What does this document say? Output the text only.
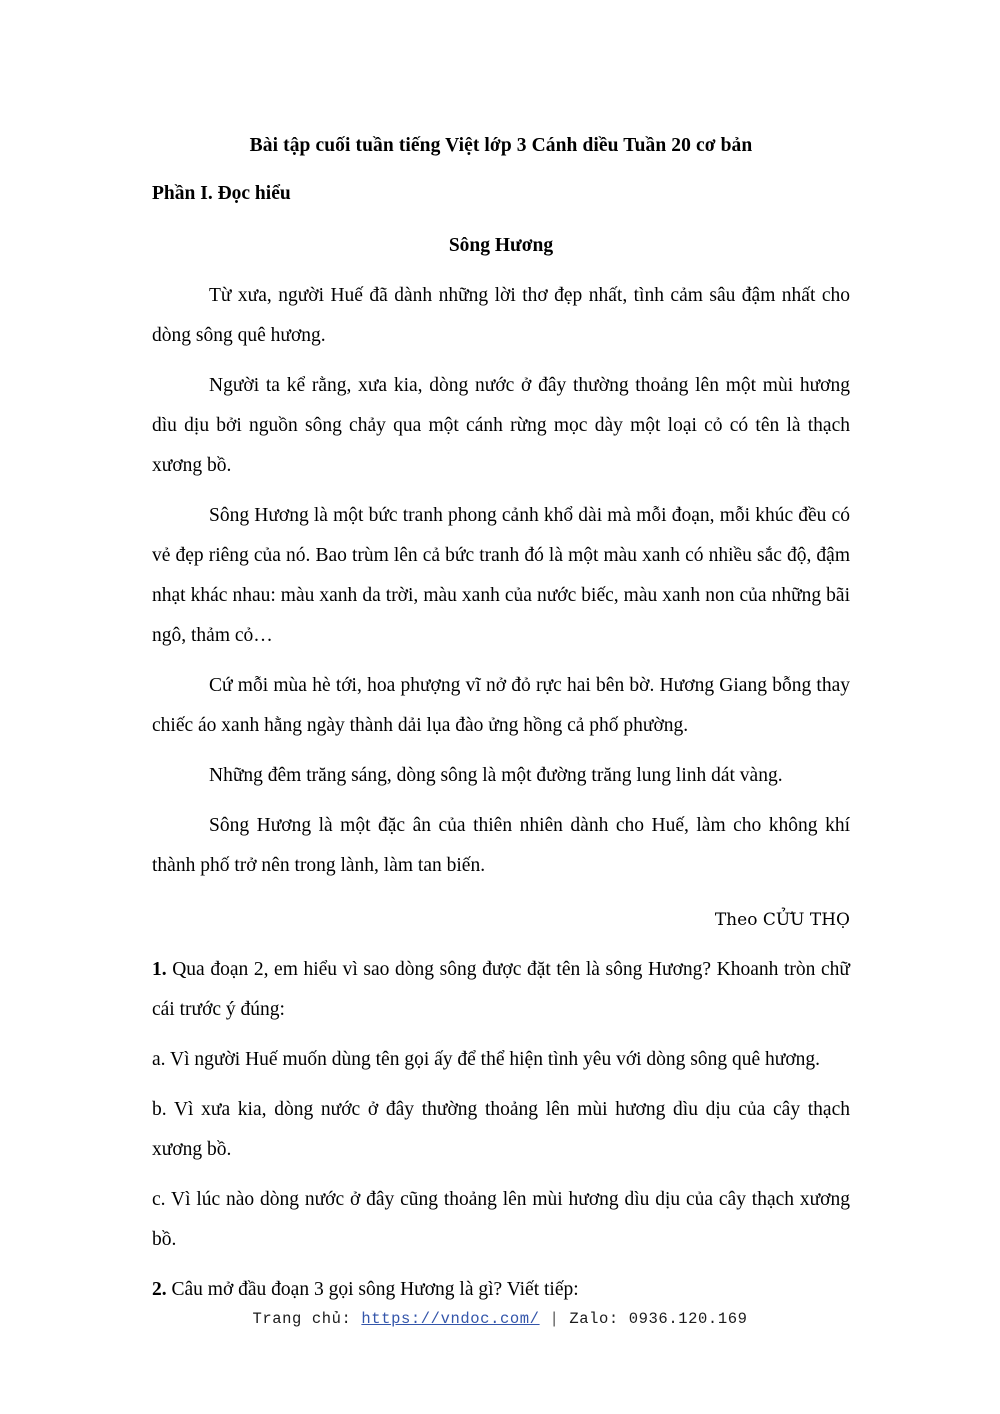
Bài tập cuối tuần tiếng Việt lớp 3 Cánh diều Tuần 20 cơ bản
Phần I. Đọc hiểu
Sông Hương

Từ xưa, người Huế đã dành những lời thơ đẹp nhất, tình cảm sâu đậm nhất cho dòng sông quê hương.

Người ta kể rằng, xưa kia, dòng nước ở đây thường thoảng lên một mùi hương dìu dịu bởi nguồn sông chảy qua một cánh rừng mọc dày một loại cỏ có tên là thạch xương bồ.

Sông Hương là một bức tranh phong cảnh khổ dài mà mỗi đoạn, mỗi khúc đều có vẻ đẹp riêng của nó. Bao trùm lên cả bức tranh đó là một màu xanh có nhiều sắc độ, đậm nhạt khác nhau: màu xanh da trời, màu xanh của nước biếc, màu xanh non của những bãi ngô, thảm cỏ…

Cứ mỗi mùa hè tới, hoa phượng vĩ nở đỏ rực hai bên bờ. Hương Giang bỗng thay chiếc áo xanh hằng ngày thành dải lụa đào ửng hồng cả phố phường.

Những đêm trăng sáng, dòng sông là một đường trăng lung linh dát vàng.

Sông Hương là một đặc ân của thiên nhiên dành cho Huế, làm cho không khí thành phố trở nên trong lành, làm tan biến.

Theo CỬU THỌ

1. Qua đoạn 2, em hiểu vì sao dòng sông được đặt tên là sông Hương? Khoanh tròn chữ cái trước ý đúng:

a. Vì người Huế muốn dùng tên gọi ấy để thể hiện tình yêu với dòng sông quê hương.

b. Vì xưa kia, dòng nước ở đây thường thoảng lên mùi hương dìu dịu của cây thạch xương bồ.

c. Vì lúc nào dòng nước ở đây cũng thoảng lên mùi hương dìu dịu của cây thạch xương bồ.

2. Câu mở đầu đoạn 3 gọi sông Hương là gì? Viết tiếp:

Trang chủ: https://vndoc.com/ | Zalo: 0936.120.169
